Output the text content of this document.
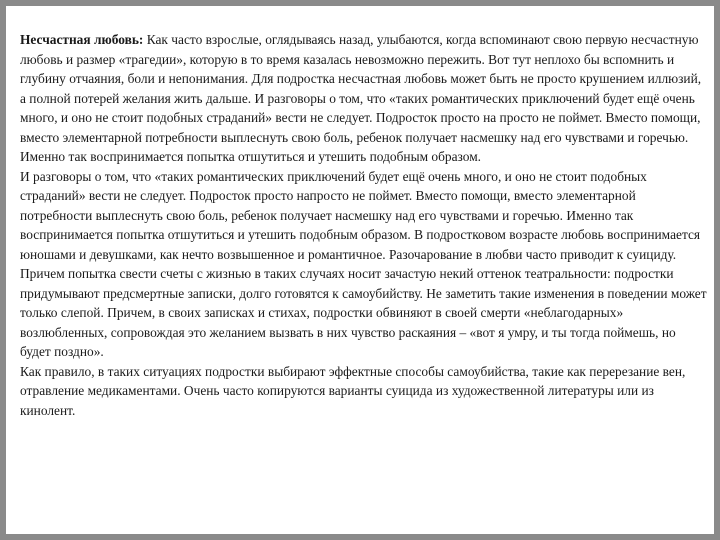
Несчастная любовь: Как часто взрослые, оглядываясь назад, улыбаются, когда вспоминают свою первую несчастную любовь и размер «трагедии», которую в то время казалась невозможно пережить. Вот тут неплохо бы вспомнить и глубину отчаяния, боли и непонимания. Для подростка несчастная любовь может быть не просто крушением иллюзий, а полной потерей желания жить дальше. И разговоры о том, что «таких романтических приключений будет ещё очень много, и оно не стоит подобных страданий» вести не следует. Подросток просто на просто не поймет. Вместо помощи, вместо элементарной потребности выплеснуть свою боль, ребенок получает насмешку над его чувствами и горечью. Именно так воспринимается попытка отшутиться и утешить подобным образом.

И разговоры о том, что «таких романтических приключений будет ещё очень много, и оно не стоит подобных страданий» вести не следует. Подросток просто напросто не поймет. Вместо помощи, вместо элементарной потребности выплеснуть свою боль, ребенок получает насмешку над его чувствами и горечью. Именно так воспринимается попытка отшутиться и утешить подобным образом. В подростковом возрасте любовь воспринимается юношами и девушками, как нечто возвышенное и романтичное. Разочарование в любви часто приводит к суициду. Причем попытка свести счеты с жизнью в таких случаях носит зачастую некий оттенок театральности: подростки придумывают предсмертные записки, долго готовятся к самоубийству. Не заметить такие изменения в поведении может только слепой. Причем, в своих записках и стихах, подростки обвиняют в своей смерти «неблагодарных» возлюбленных, сопровождая это желанием вызвать в них чувство раскаяния – «вот я умру, и ты тогда поймешь, но будет поздно».

Как правило, в таких ситуациях подростки выбирают эффектные способы самоубийства, такие как перерезание вен, отравление медикаментами. Очень часто копируются варианты суицида из художественной литературы или из кинолент.
